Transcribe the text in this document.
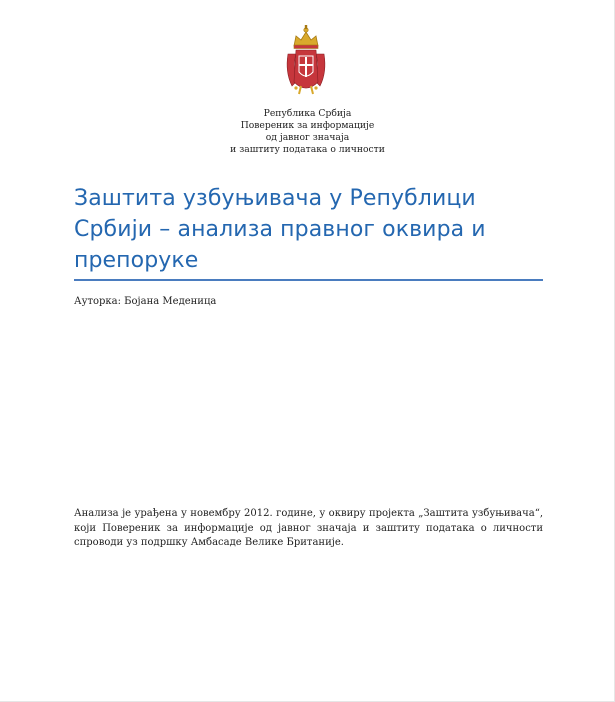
Република Србија
Повереник за информације
од јавног значаја
и заштиту података о личности
Заштита узбуњивача у Републици Србији – анализа правног оквира и препоруке
Ауторка: Бојана Меденица

Анализа је урађена у новембру 2012. године, у оквиру пројекта „Заштита узбуњивача“, који Повереник за информације од јавног значаја и заштиту података о личности спроводи уз подршку Амбасаде Велике Британије.
